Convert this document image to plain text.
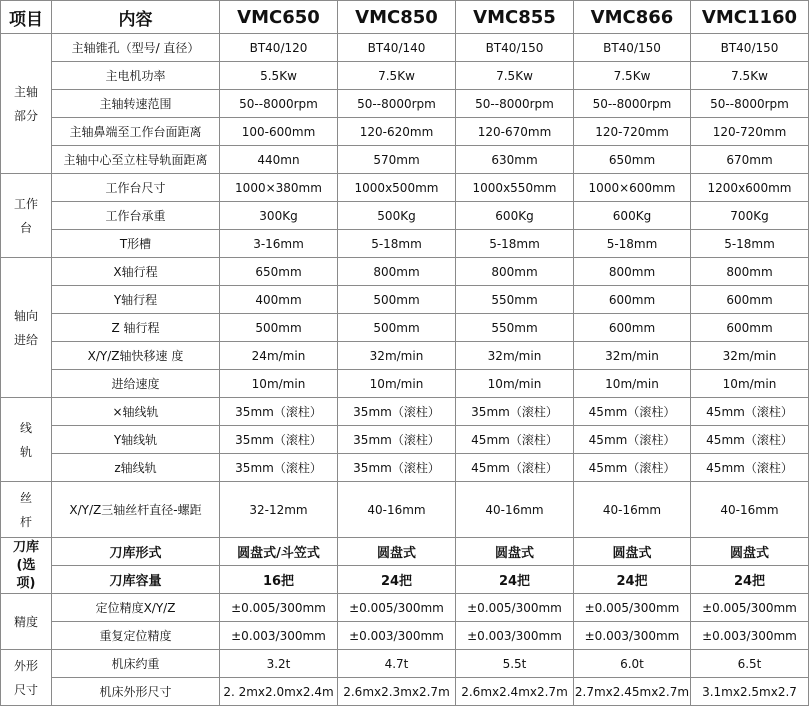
项目	内容	VMC650	VMC850	VMC855	VMC866	VMC1160
主轴
部分	主轴锥孔（型号/ 直径）	BT40/120	BT40/140	BT40/150	BT40/150	BT40/150
	主电机功率	5.5Kw	7.5Kw	7.5Kw	7.5Kw	7.5Kw
	主轴转速范围	50--8000rpm	50--8000rpm	50--8000rpm	50--8000rpm	50--8000rpm
	主轴鼻端至工作台面距离	100-600mm	120-620mm	120-670mm	120-720mm	120-720mm
	主轴中心至立柱导轨面距离	440mn	570mm	630mm	650mm	670mm
工作
台	工作台尺寸	1000×380mm	1000x500mm	1000x550mm	1000×600mm	1200x600mm
	工作台承重	300Kg	500Kg	600Kg	600Kg	700Kg
	T形槽	3-16mm	5-18mm	5-18mm	5-18mm	5-18mm
轴向
进给	X轴行程	650mm	800mm	800mm	800mm	800mm
	Y轴行程	400mm	500mm	550mm	600mm	600mm
	Z 轴行程	500mm	500mm	550mm	600mm	600mm
	X/Y/Z轴快移速 度	24m/min	32m/min	32m/min	32m/min	32m/min
	进给速度	10m/min	10m/min	10m/min	10m/min	10m/min
线
轨	×轴线轨	35mm（滚柱）	35mm（滚柱）	35mm（滚柱）	45mm（滚柱）	45mm（滚柱）
	Y轴线轨	35mm（滚柱）	35mm（滚柱）	45mm（滚柱）	45mm（滚柱）	45mm（滚柱）
	z轴线轨	35mm（滚柱）	35mm（滚柱）	45mm（滚柱）	45mm（滚柱）	45mm（滚柱）
丝
杆	X/Y/Z三轴丝杆直径-螺距	32-12mm	40-16mm	40-16mm	40-16mm	40-16mm
刀库
(选
项)	刀库形式	圆盘式/斗笠式	圆盘式	圆盘式	圆盘式	圆盘式
	刀库容量	16把	24把	24把	24把	24把
精度	定位精度X/Y/Z	±0.005/300mm	±0.005/300mm	±0.005/300mm	±0.005/300mm	±0.005/300mm
	重复定位精度	±0.003/300mm	±0.003/300mm	±0.003/300mm	±0.003/300mm	±0.003/300mm
外形
尺寸	机床约重	3.2t	4.7t	5.5t	6.0t	6.5t
	机床外形尺寸	2. 2mx2.0mx2.4m	2.6mx2.3mx2.7m	2.6mx2.4mx2.7m	2.7mx2.45mx2.7m	3.1mx2.5mx2.7
